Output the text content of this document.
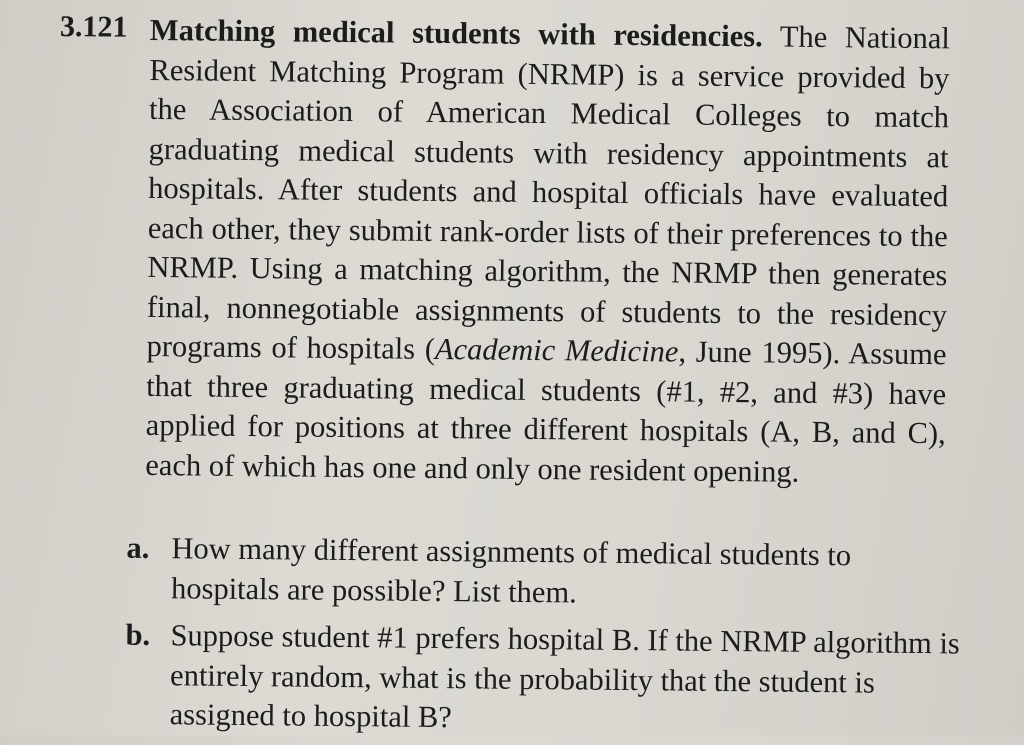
3.121 Matching medical students with residencies. The National Resident Matching Program (NRMP) is a service provided by the Association of American Medical Colleges to match graduating medical students with residency appointments at hospitals. After students and hospital officials have evaluated each other, they submit rank-order lists of their preferences to the NRMP. Using a matching algorithm, the NRMP then generates final, nonnegotiable assignments of students to the residency programs of hospitals (Academic Medicine, June 1995). Assume that three graduating medical students (#1, #2, and #3) have applied for positions at three different hospitals (A, B, and C), each of which has one and only one resident opening.
a. How many different assignments of medical students to hospitals are possible? List them.
b. Suppose student #1 prefers hospital B. If the NRMP algorithm is entirely random, what is the probability that the student is assigned to hospital B?
